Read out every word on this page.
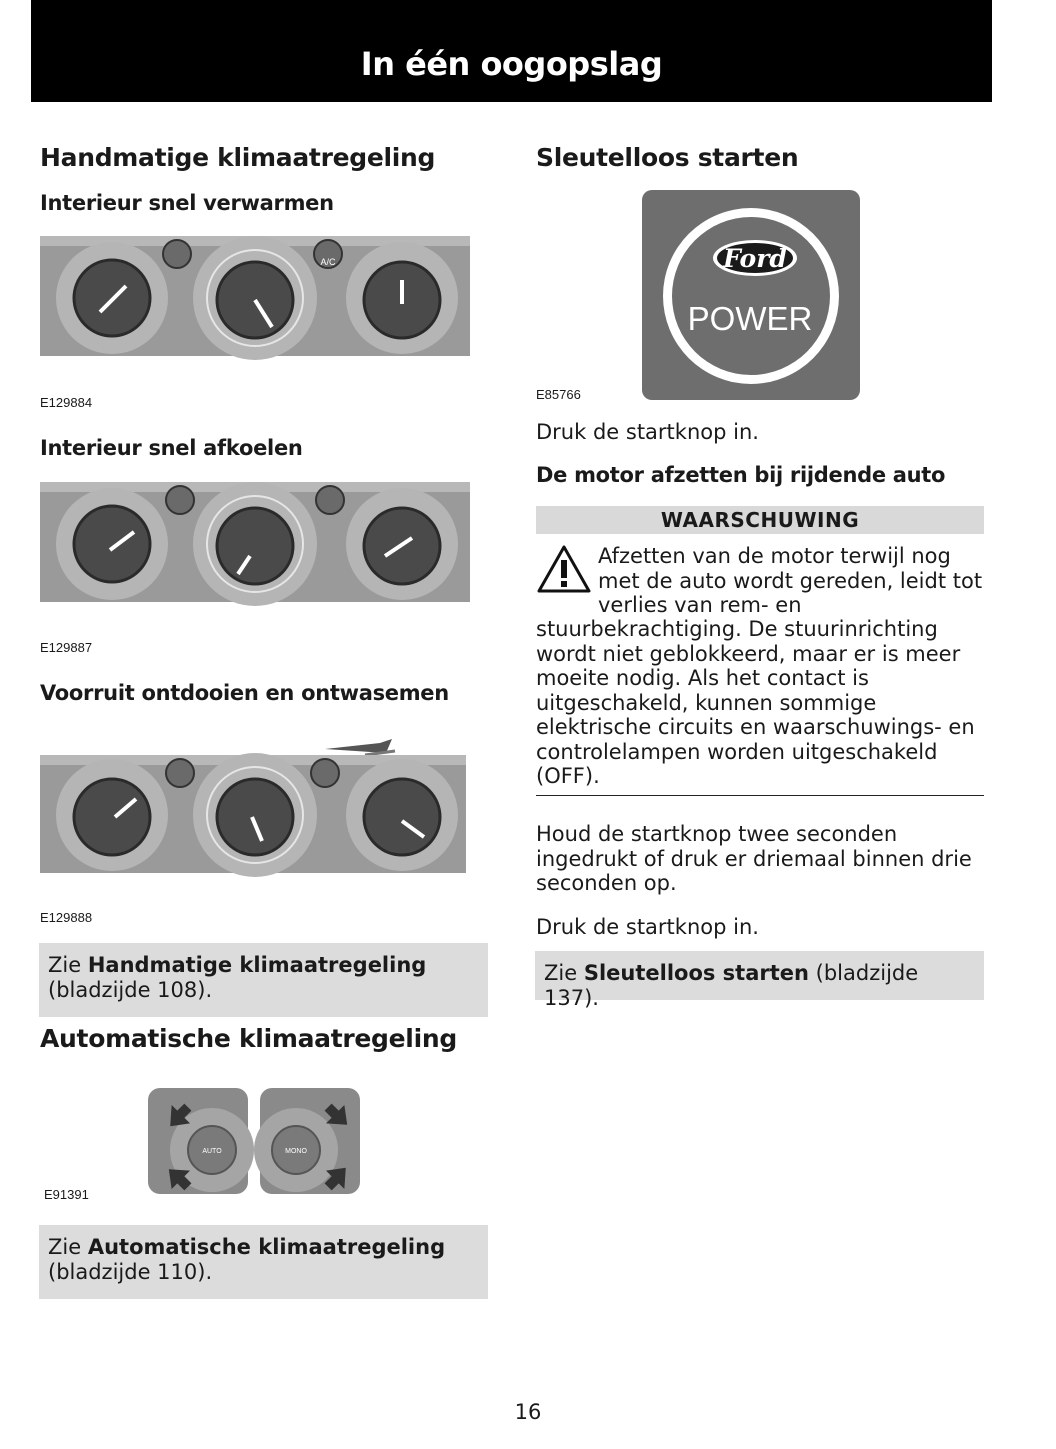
In één oogopslag
Handmatige klimaatregeling
Interieur snel verwarmen
A/C
E129884
Interieur snel afkoelen
E129887
Voorruit ontdooien en ontwasemen
E129888
Zie Handmatige klimaatregeling
(bladzijde 108).
Automatische klimaatregeling
AUTO	MONO
E91391
Zie Automatische klimaatregeling
(bladzijde 110).
Sleutelloos starten
Ford
POWER
E85766

Druk de startknop in.

De motor afzetten bij rijdende auto
WAARSCHUWING
Afzetten van de motor terwijl nog
met de auto wordt gereden, leidt tot
verlies van rem- en
stuurbekrachtiging. De stuurinrichting
wordt niet geblokkeerd, maar er is meer
moeite nodig. Als het contact is
uitgeschakeld, kunnen sommige
elektrische circuits en waarschuwings- en
controlelampen worden uitgeschakeld
(OFF).
Houd de startknop twee seconden
ingedrukt of druk er driemaal binnen drie
seconden op.

Druk de startknop in.

Zie Sleutelloos starten (bladzijde 137).
16
